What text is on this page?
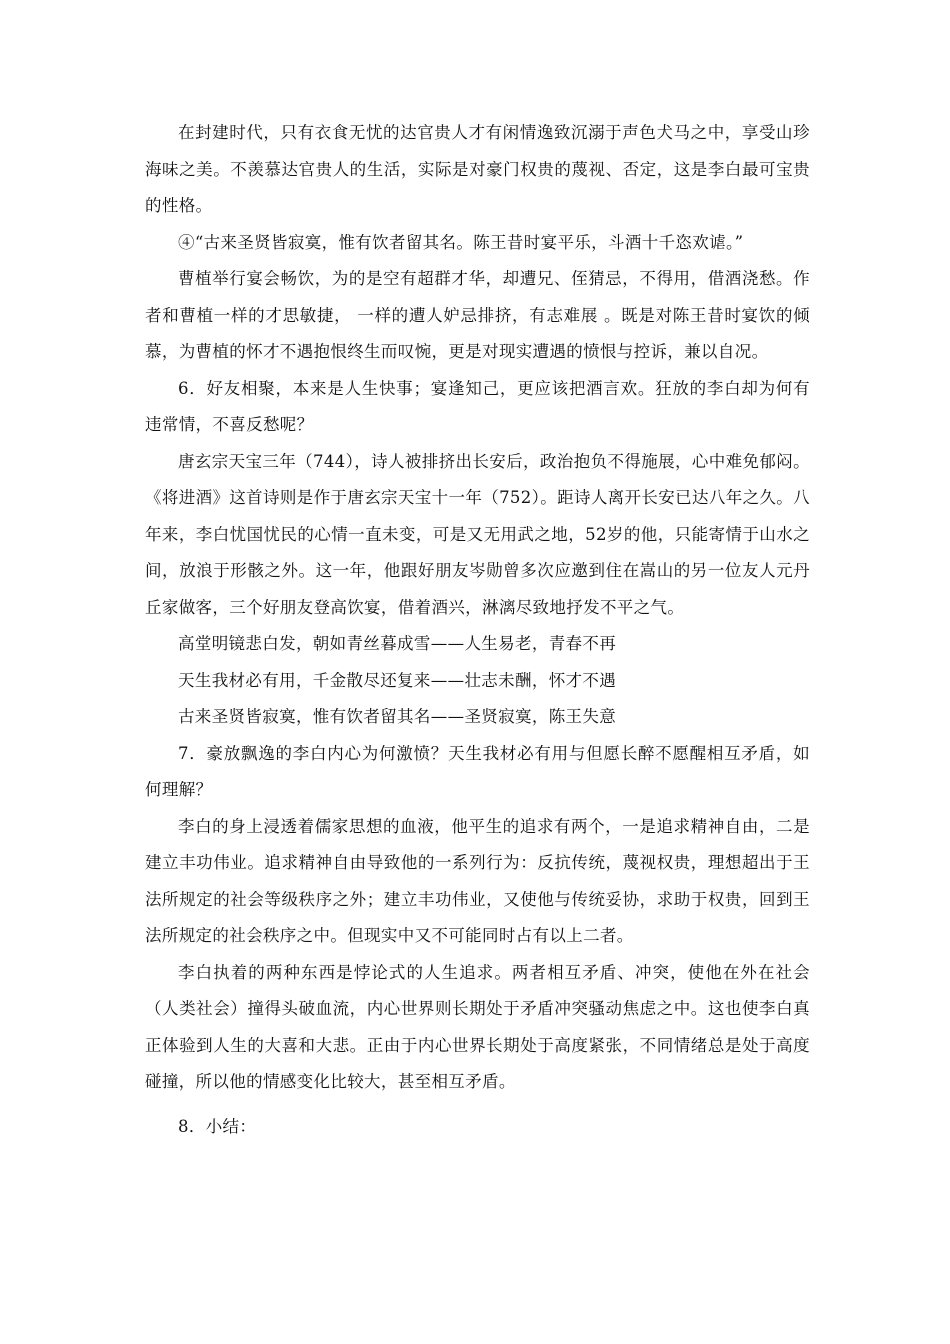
在封建时代，只有衣食无忧的达官贵人才有闲情逸致沉溺于声色犬马之中，享受山珍海味之美。不羡慕达官贵人的生活，实际是对豪门权贵的蔑视、否定，这是李白最可宝贵的性格。

④“古来圣贤皆寂寞，惟有饮者留其名。陈王昔时宴平乐，斗酒十千恣欢谑。”

曹植举行宴会畅饮，为的是空有超群才华，却遭兄、侄猜忌，不得用，借酒浇愁。作者和曹植一样的才思敏捷， 一样的遭人妒忌排挤，有志难展 。既是对陈王昔时宴饮的倾慕，为曹植的怀才不遇抱恨终生而叹惋，更是对现实遭遇的愤恨与控诉，兼以自况。

6．好友相聚，本来是人生快事；宴逢知己，更应该把酒言欢。狂放的李白却为何有违常情，不喜反愁呢？

唐玄宗天宝三年（744），诗人被排挤出长安后，政治抱负不得施展，心中难免郁闷。《将进酒》这首诗则是作于唐玄宗天宝十一年（752）。距诗人离开长安已达八年之久。八年来，李白忧国忧民的心情一直未变，可是又无用武之地，52岁的他，只能寄情于山水之间，放浪于形骸之外。这一年，他跟好朋友岑勋曾多次应邀到住在嵩山的另一位友人元丹丘家做客，三个好朋友登高饮宴，借着酒兴，淋漓尽致地抒发不平之气。

高堂明镜悲白发，朝如青丝暮成雪——人生易老，青春不再

天生我材必有用，千金散尽还复来——壮志未酬，怀才不遇

古来圣贤皆寂寞，惟有饮者留其名——圣贤寂寞，陈王失意

7．豪放飘逸的李白内心为何激愤？天生我材必有用与但愿长醉不愿醒相互矛盾，如何理解？

李白的身上浸透着儒家思想的血液，他平生的追求有两个，一是追求精神自由，二是建立丰功伟业。追求精神自由导致他的一系列行为：反抗传统，蔑视权贵，理想超出于王法所规定的社会等级秩序之外；建立丰功伟业，又使他与传统妥协，求助于权贵，回到王法所规定的社会秩序之中。但现实中又不可能同时占有以上二者。

李白执着的两种东西是悖论式的人生追求。两者相互矛盾、冲突，使他在外在社会（人类社会）撞得头破血流，内心世界则长期处于矛盾冲突骚动焦虑之中。这也使李白真正体验到人生的大喜和大悲。正由于内心世界长期处于高度紧张，不同情绪总是处于高度碰撞，所以他的情感变化比较大，甚至相互矛盾。

8．小结：
